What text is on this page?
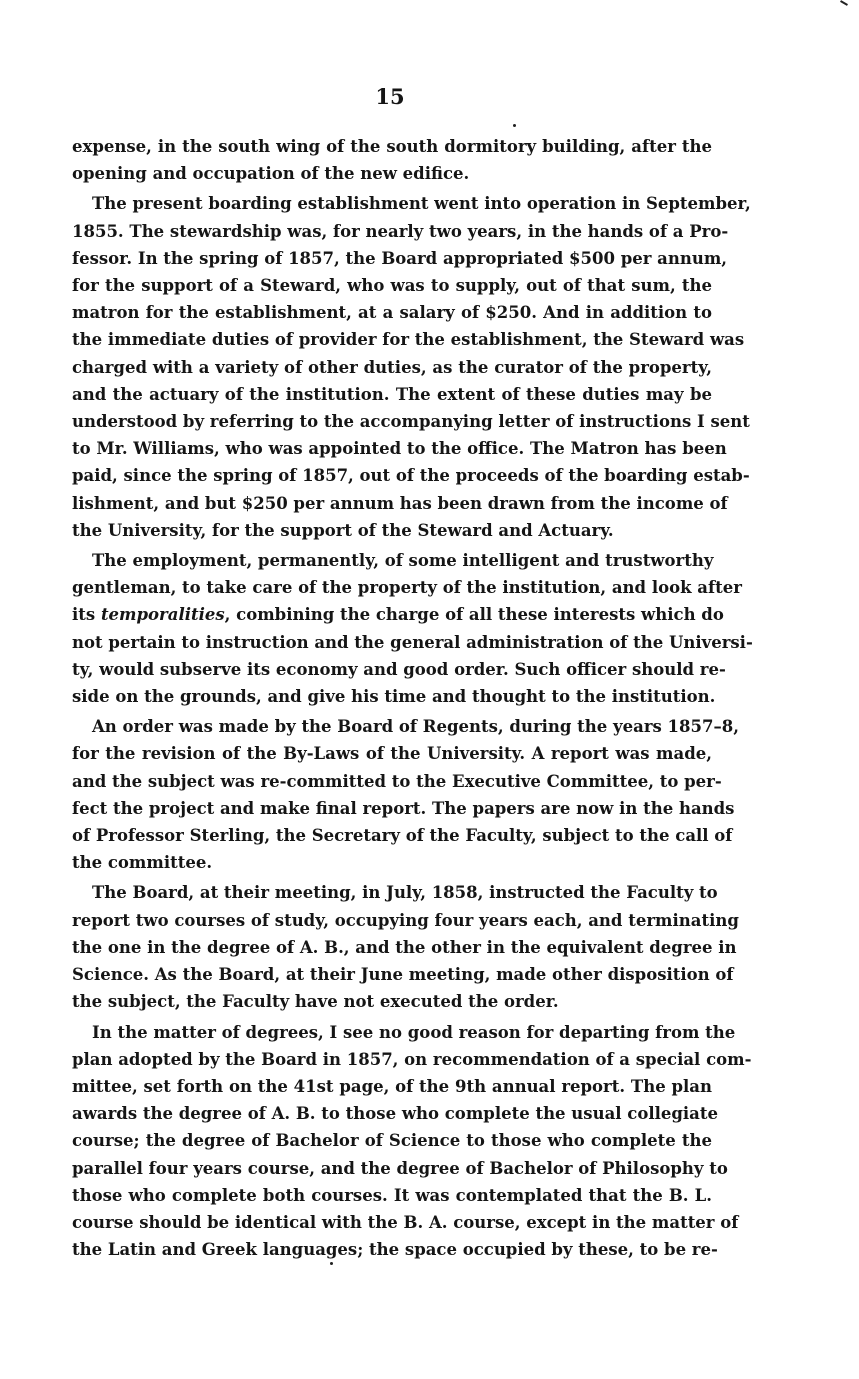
15
expense, in the south wing of the south dormitory building, after the
opening and occupation of the new edifice.
The present boarding establishment went into operation in September,
1855. The stewardship was, for nearly two years, in the hands of a Pro-
fessor. In the spring of 1857, the Board appropriated $500 per annum,
for the support of a Steward, who was to supply, out of that sum, the
matron for the establishment, at a salary of $250. And in addition to
the immediate duties of provider for the establishment, the Steward was
charged with a variety of other duties, as the curator of the property,
and the actuary of the institution. The extent of these duties may be
understood by referring to the accompanying letter of instructions I sent
to Mr. Williams, who was appointed to the office. The Matron has been
paid, since the spring of 1857, out of the proceeds of the boarding estab-
lishment, and but $250 per annum has been drawn from the income of
the University, for the support of the Steward and Actuary.
The employment, permanently, of some intelligent and trustworthy
gentleman, to take care of the property of the institution, and look after
its temporalities, combining the charge of all these interests which do
not pertain to instruction and the general administration of the Universi-
ty, would subserve its economy and good order. Such officer should re-
side on the grounds, and give his time and thought to the institution.
An order was made by the Board of Regents, during the years 1857–8,
for the revision of the By-Laws of the University. A report was made,
and the subject was re-committed to the Executive Committee, to per-
fect the project and make final report. The papers are now in the hands
of Professor Sterling, the Secretary of the Faculty, subject to the call of
the committee.
The Board, at their meeting, in July, 1858, instructed the Faculty to
report two courses of study, occupying four years each, and terminating
the one in the degree of A. B., and the other in the equivalent degree in
Science. As the Board, at their June meeting, made other disposition of
the subject, the Faculty have not executed the order.
In the matter of degrees, I see no good reason for departing from the
plan adopted by the Board in 1857, on recommendation of a special com-
mittee, set forth on the 41st page, of the 9th annual report. The plan
awards the degree of A. B. to those who complete the usual collegiate
course; the degree of Bachelor of Science to those who complete the
parallel four years course, and the degree of Bachelor of Philosophy to
those who complete both courses. It was contemplated that the B. L.
course should be identical with the B. A. course, except in the matter of
the Latin and Greek languages; the space occupied by these, to be re-
